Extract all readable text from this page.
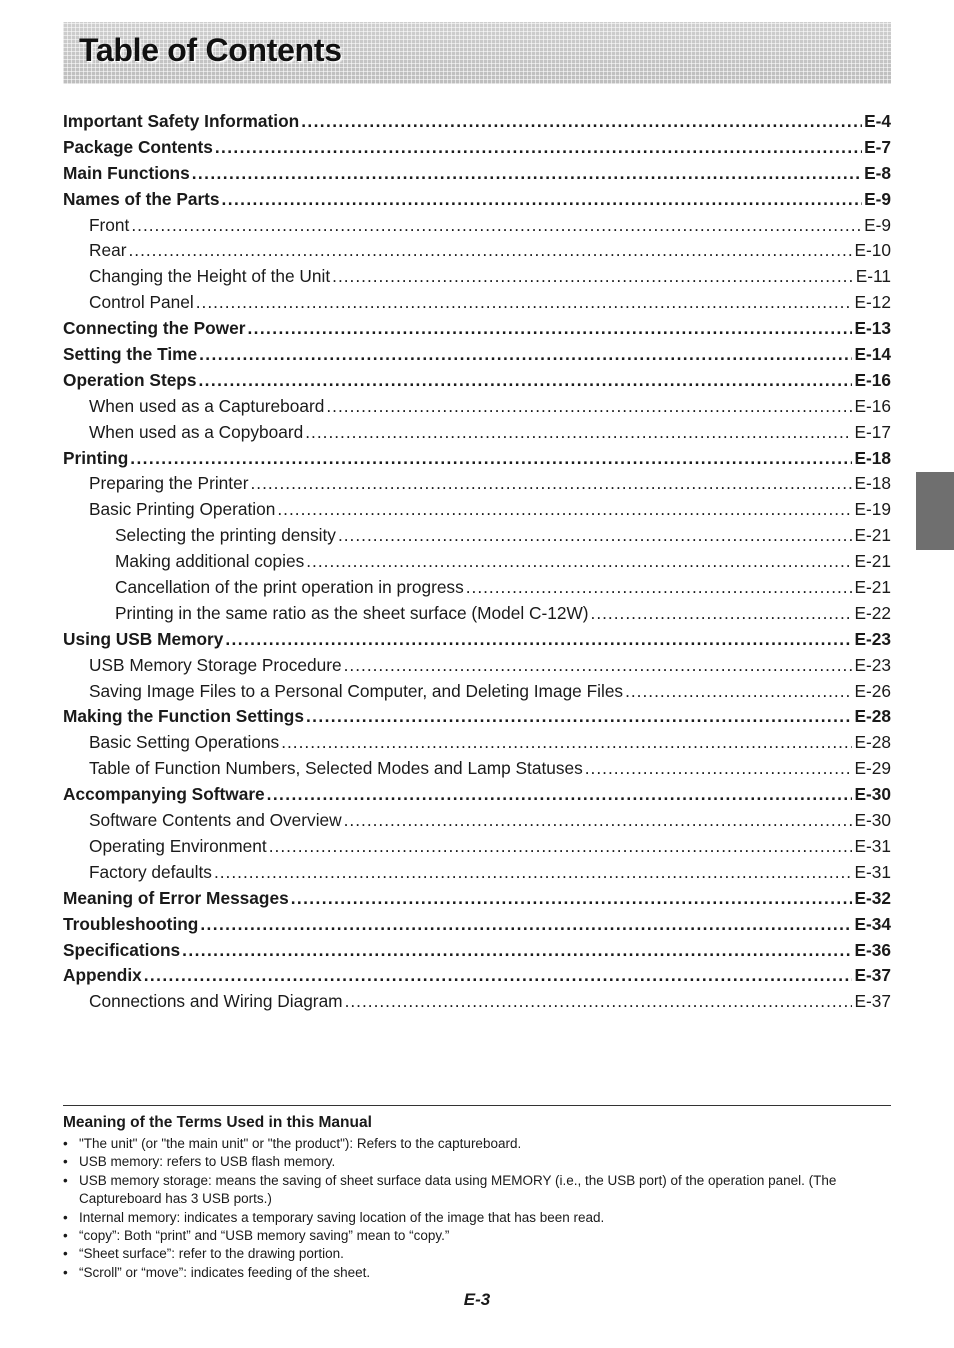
Table of Contents
Important Safety Information .....	E-4
Package Contents .....	E-7
Main Functions .....	E-8
Names of the Parts .....	E-9
Front .....	E-9
Rear .....	E-10
Changing the Height of the Unit .....	E-11
Control Panel .....	E-12
Connecting the Power .....	E-13
Setting the Time .....	E-14
Operation Steps .....	E-16
When used as a Captureboard .....	E-16
When used as a Copyboard .....	E-17
Printing .....	E-18
Preparing the Printer .....	E-18
Basic Printing Operation .....	E-19
Selecting the printing density .....	E-21
Making additional copies .....	E-21
Cancellation of the print operation in progress .....	E-21
Printing in the same ratio as the sheet surface (Model C-12W) .....	E-22
Using USB Memory .....	E-23
USB Memory Storage Procedure .....	E-23
Saving Image Files to a Personal Computer, and Deleting Image Files .....	E-26
Making the Function Settings .....	E-28
Basic Setting Operations .....	E-28
Table of Function Numbers, Selected Modes and Lamp Statuses .....	E-29
Accompanying Software .....	E-30
Software Contents and Overview .....	E-30
Operating Environment .....	E-31
Factory defaults .....	E-31
Meaning of Error Messages .....	E-32
Troubleshooting .....	E-34
Specifications .....	E-36
Appendix .....	E-37
Connections and Wiring Diagram .....	E-37
Meaning of the Terms Used in this Manual
• "The unit" (or "the main unit" or "the product"): Refers to the captureboard.
• USB memory: refers to USB flash memory.
• USB memory storage: means the saving of sheet surface data using MEMORY (i.e., the USB port) of the operation panel. (The Captureboard has 3 USB ports.)
• Internal memory: indicates a temporary saving location of the image that has been read.
• “copy”: Both “print” and “USB memory saving” mean to “copy.”
• “Sheet surface”: refer to the drawing portion.
• “Scroll” or “move”: indicates feeding of the sheet.
E-3
